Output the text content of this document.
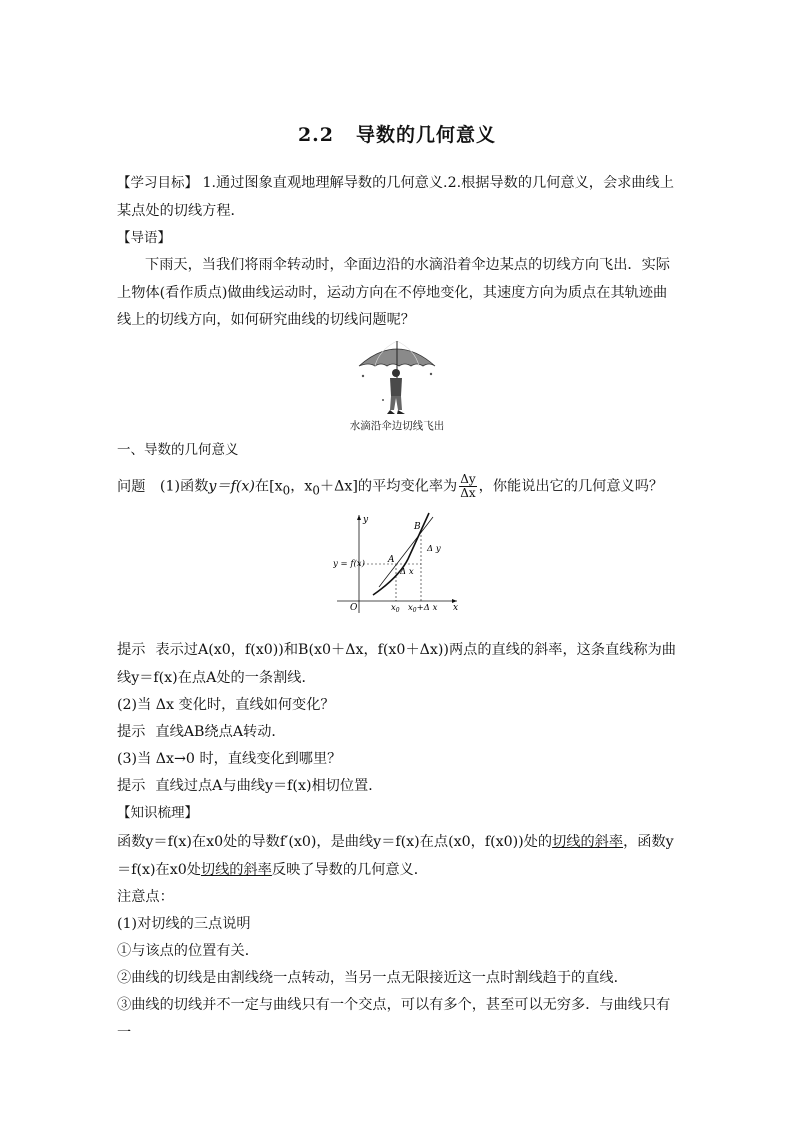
2.2 导数的几何意义
【学习目标】 1.通过图象直观地理解导数的几何意义.2.根据导数的几何意义，会求曲线上某点处的切线方程．
【导语】
下雨天，当我们将雨伞转动时，伞面边沿的水滴沿着伞边某点的切线方向飞出．实际上物体(看作质点)做曲线运动时，运动方向在不停地变化，其速度方向为质点在其轨迹曲线上的切线方向，如何研究曲线的切线问题呢？
水滴沿伞边切线飞出
一、导数的几何意义
问题 (1)函数y＝f(x)在[$x_0$，$x_0+\Delta x$]的平均变化率为 $\frac{\Delta y}{\Delta x}$ ，你能说出它的几何意义吗？
y
x
O
y = f(x)	A
B
Δ y
Δ x
$x_0$ $x_0+\Delta$ x
提示 表示过A(x0，f(x0))和B(x0＋Δx，f(x0＋Δx))两点的直线的斜率，这条直线称为曲线y＝f(x)在点A处的一条割线．
(2)当 Δx 变化时，直线如何变化？
提示 直线AB绕点A转动．
(3)当 Δx→0 时，直线变化到哪里？
提示 直线过点A与曲线y＝f(x)相切位置．
【知识梳理】
函数y＝f(x)在x0处的导数f′(x0)，是曲线y＝f(x)在点(x0，f(x0))处的切线的斜率，函数y＝f(x)在x0处切线的斜率反映了导数的几何意义．
注意点：
(1)对切线的三点说明
①与该点的位置有关．
②曲线的切线是由割线绕一点转动，当另一点无限接近这一点时割线趋于的直线．
③曲线的切线并不一定与曲线只有一个交点，可以有多个，甚至可以无穷多．与曲线只有一
